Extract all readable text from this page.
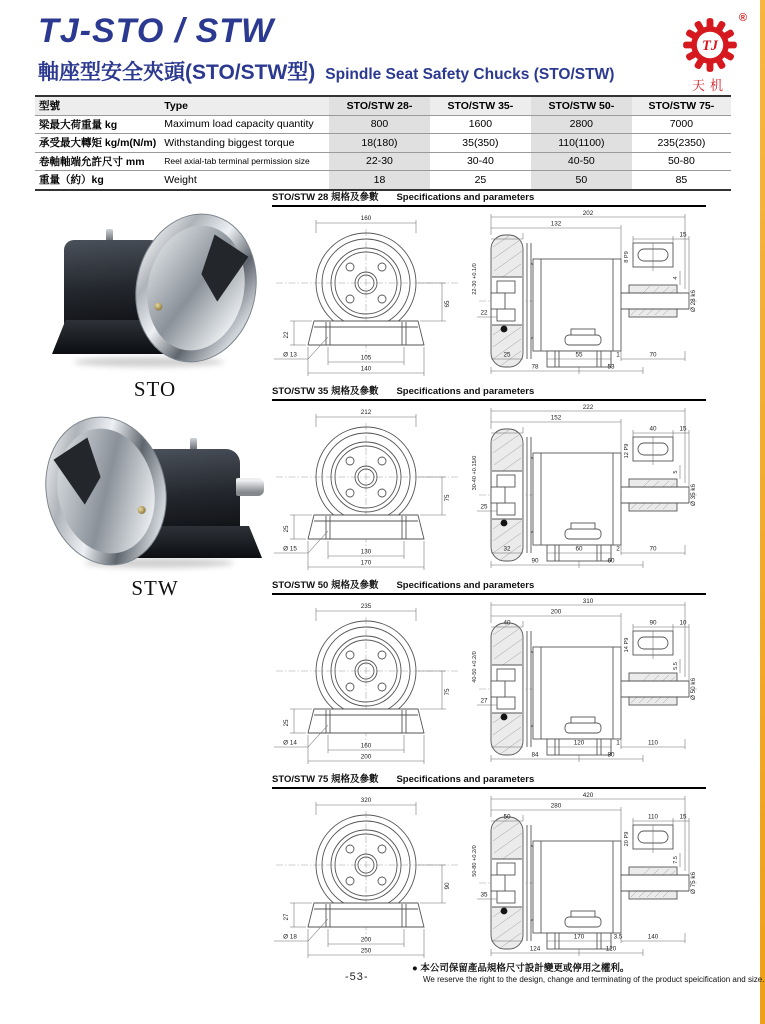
TJ-STO / STW
軸座型安全夾頭(STO/STW型) Spindle Seat Safety Chucks (STO/STW)
TJ
®
天机
型號	Type	STO/STW 28-	STO/STW 35-	STO/STW 50-	STO/STW 75-
梁最大荷重量 kg	Maximum load capacity quantity	800	1600	2800	7000
承受最大轉矩 kg/m(N/m)	Withstanding biggest torque	18(180)	35(350)	110(1100)	235(2350)
卷軸軸端允許尺寸 mm	Reel axial-tab terminal permission size	22-30	30-40	40-50	50-80
重量（約）kg	Weight	18	25	50	85
STO
STW
STO/STW 28 規格及參數 Specifications and parameters
160
65
22
Ø 13	105
140
202
132
15
8 P9
4
Ø 28 k6
22-30 +0.1/0
22
25	55	1	70
78	53
STO/STW 35 規格及參數 Specifications and parameters
212
75
25
Ø 15	130
170
222
152
40	15
12 P9
5
Ø 35 k6
30-40 +0.15/0
25
32	60	2	70
90	60
STO/STW 50 規格及參數 Specifications and parameters
235
75
25
Ø 14	160
200
310
200
40	90	10
14 P9
5.5
Ø 50 k6
40-50 +0.2/0
27
120	1	110
84	80
STO/STW 75 規格及參數 Specifications and parameters
320
90
27
Ø 18	200
250
420
280
50	110	15
20 P9
7.5
Ø 75 k6
50-80 +0.2/0
35
170	3.5	140
124	120
-53-
● 本公司保留產品規格尺寸設計變更或停用之權利。
We reserve the right to the design, change and terminating of the product speicification and size.
